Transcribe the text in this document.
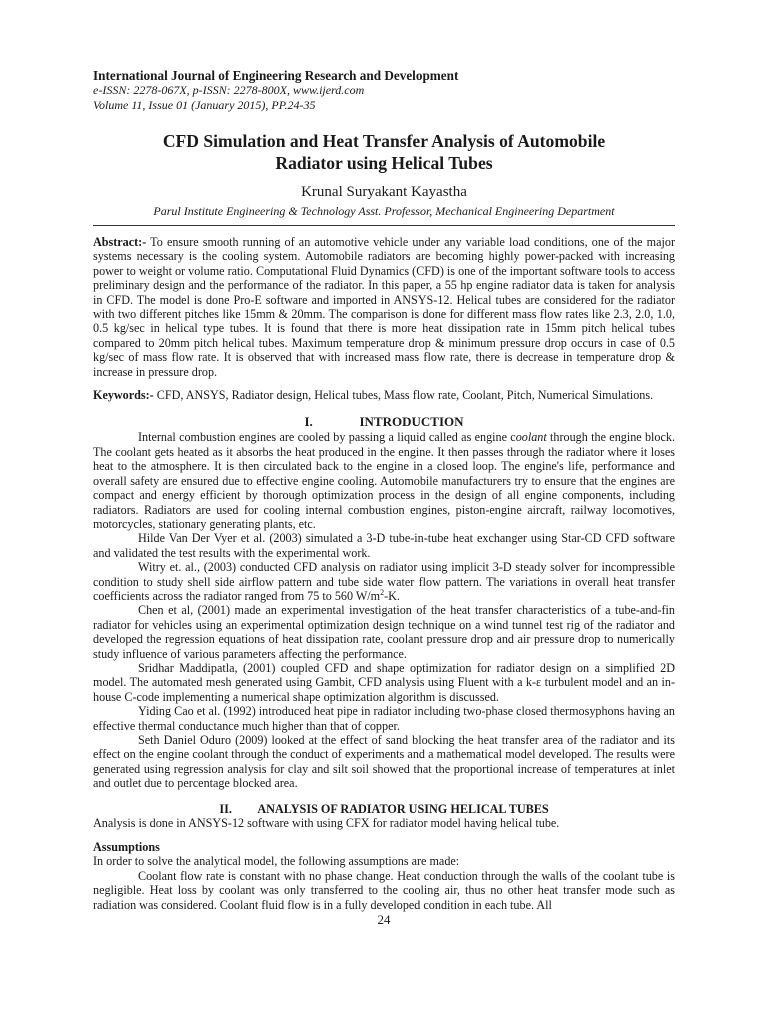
International Journal of Engineering Research and Development
e-ISSN: 2278-067X, p-ISSN: 2278-800X, www.ijerd.com
Volume 11, Issue 01 (January 2015), PP.24-35
CFD Simulation and Heat Transfer Analysis of Automobile
Radiator using Helical Tubes
Krunal Suryakant Kayastha
Parul Institute Engineering & Technology Asst. Professor, Mechanical Engineering Department

Abstract:- To ensure smooth running of an automotive vehicle under any variable load conditions, one of the major systems necessary is the cooling system. Automobile radiators are becoming highly power-packed with increasing power to weight or volume ratio. Computational Fluid Dynamics (CFD) is one of the important software tools to access preliminary design and the performance of the radiator. In this paper, a 55 hp engine radiator data is taken for analysis in CFD. The model is done Pro-E software and imported in ANSYS-12. Helical tubes are considered for the radiator with two different pitches like 15mm & 20mm. The comparison is done for different mass flow rates like 2.3, 2.0, 1.0, 0.5 kg/sec in helical type tubes. It is found that there is more heat dissipation rate in 15mm pitch helical tubes compared to 20mm pitch helical tubes. Maximum temperature drop & minimum pressure drop occurs in case of 0.5 kg/sec of mass flow rate. It is observed that with increased mass flow rate, there is decrease in temperature drop & increase in pressure drop.

Keywords:- CFD, ANSYS, Radiator design, Helical tubes, Mass flow rate, Coolant, Pitch, Numerical Simulations.

I.	INTRODUCTION

Internal combustion engines are cooled by passing a liquid called as engine coolant through the engine block. The coolant gets heated as it absorbs the heat produced in the engine. It then passes through the radiator where it loses heat to the atmosphere. It is then circulated back to the engine in a closed loop. The engine's life, performance and overall safety are ensured due to effective engine cooling. Automobile manufacturers try to ensure that the engines are compact and energy efficient by thorough optimization process in the design of all engine components, including radiators. Radiators are used for cooling internal combustion engines, piston-engine aircraft, railway locomotives, motorcycles, stationary generating plants, etc.

Hilde Van Der Vyer et al. (2003) simulated a 3-D tube-in-tube heat exchanger using Star-CD CFD software and validated the test results with the experimental work.

Witry et. al., (2003) conducted CFD analysis on radiator using implicit 3-D steady solver for incompressible condition to study shell side airflow pattern and tube side water flow pattern. The variations in overall heat transfer coefficients across the radiator ranged from 75 to 560 $W/m^2-K$.

Chen et al, (2001) made an experimental investigation of the heat transfer characteristics of a tube-and-fin radiator for vehicles using an experimental optimization design technique on a wind tunnel test rig of the radiator and developed the regression equations of heat dissipation rate, coolant pressure drop and air pressure drop to numerically study influence of various parameters affecting the performance.

Sridhar Maddipatla, (2001) coupled CFD and shape optimization for radiator design on a simplified 2D model. The automated mesh generated using Gambit, CFD analysis using Fluent with a k-ε turbulent model and an in-house C-code implementing a numerical shape optimization algorithm is discussed.

Yiding Cao et al. (1992) introduced heat pipe in radiator including two-phase closed thermosyphons having an effective thermal conductance much higher than that of copper.

Seth Daniel Oduro (2009) looked at the effect of sand blocking the heat transfer area of the radiator and its effect on the engine coolant through the conduct of experiments and a mathematical model developed. The results were generated using regression analysis for clay and silt soil showed that the proportional increase of temperatures at inlet and outlet due to percentage blocked area.

II. ANALYSIS OF RADIATOR USING HELICAL TUBES

Analysis is done in ANSYS-12 software with using CFX for radiator model having helical tube.

Assumptions

In order to solve the analytical model, the following assumptions are made:

Coolant flow rate is constant with no phase change. Heat conduction through the walls of the coolant tube is negligible. Heat loss by coolant was only transferred to the cooling air, thus no other heat transfer mode such as radiation was considered. Coolant fluid flow is in a fully developed condition in each tube. All

24
